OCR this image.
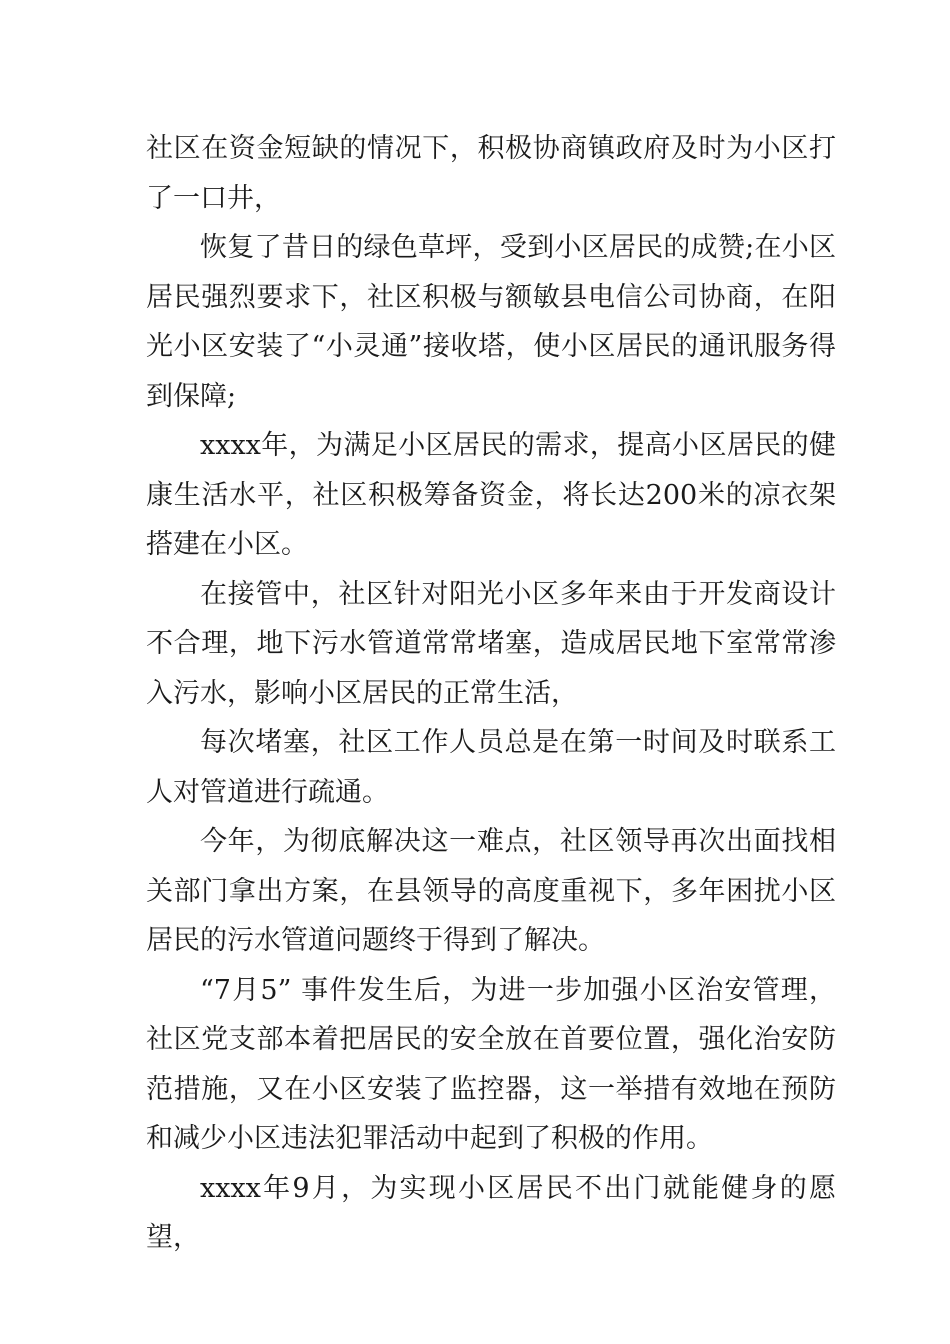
社区在资金短缺的情况下，积极协商镇政府及时为小区打了一口井，

恢复了昔日的绿色草坪，受到小区居民的成赞;在小区居民强烈要求下，社区积极与额敏县电信公司协商，在阳光小区安装了“小灵通”接收塔，使小区居民的通讯服务得到保障;

xxxx年，为满足小区居民的需求，提高小区居民的健康生活水平，社区积极筹备资金，将长达200米的凉衣架搭建在小区。

在接管中，社区针对阳光小区多年来由于开发商设计不合理，地下污水管道常常堵塞，造成居民地下室常常渗入污水，影响小区居民的正常生活，

每次堵塞，社区工作人员总是在第一时间及时联系工人对管道进行疏通。

今年，为彻底解决这一难点，社区领导再次出面找相关部门拿出方案，在县领导的高度重视下，多年困扰小区居民的污水管道问题终于得到了解决。

“7月5” 事件发生后，为进一步加强小区治安管理，社区党支部本着把居民的安全放在首要位置，强化治安防范措施，又在小区安装了监控器，这一举措有效地在预防和减少小区违法犯罪活动中起到了积极的作用。

xxxx年9月，为实现小区居民不出门就能健身的愿望，
